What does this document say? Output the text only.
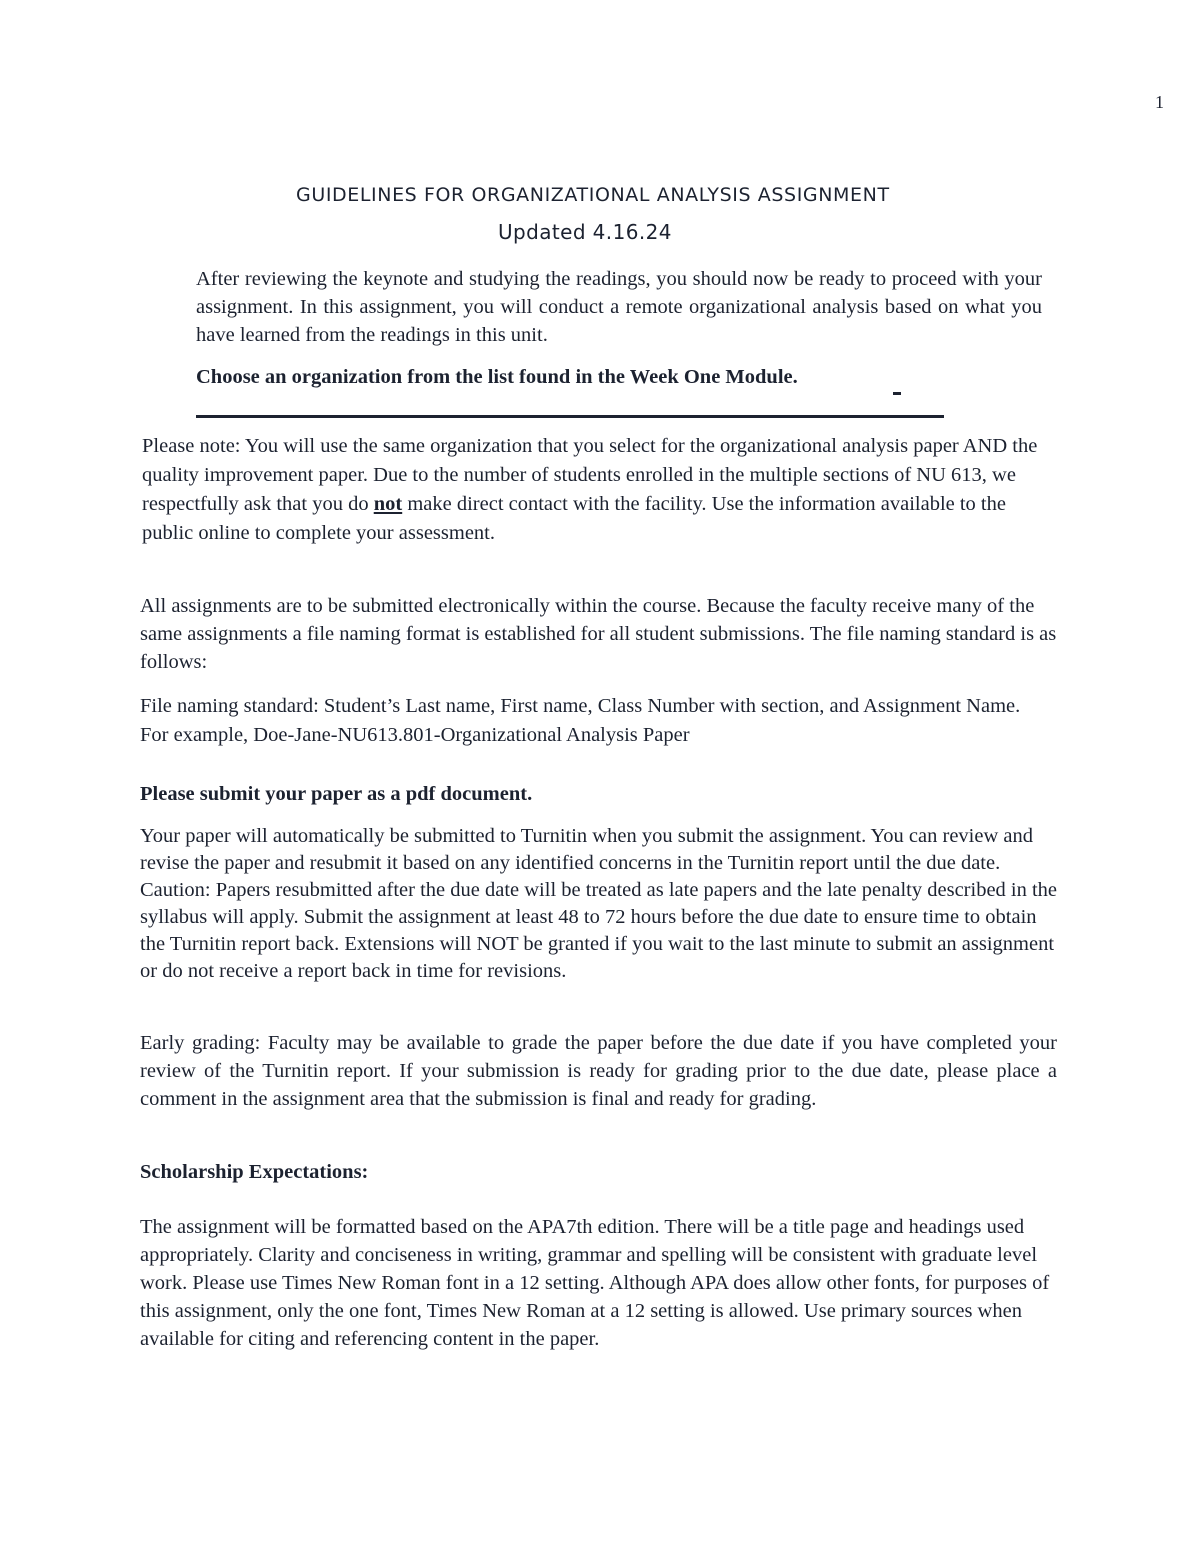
1
GUIDELINES FOR ORGANIZATIONAL ANALYSIS ASSIGNMENT
Updated 4.16.24
After reviewing the keynote and studying the readings, you should now be ready to proceed with your assignment. In this assignment, you will conduct a remote organizational analysis based on what you have learned from the readings in this unit.
Choose an organization from the list found in the Week One Module.
Please note: You will use the same organization that you select for the organizational analysis paper AND the quality improvement paper. Due to the number of students enrolled in the multiple sections of NU 613, we respectfully ask that you do not make direct contact with the facility. Use the information available to the public online to complete your assessment.
All assignments are to be submitted electronically within the course. Because the faculty receive many of the same assignments a file naming format is established for all student submissions. The file naming standard is as follows:
File naming standard: Student’s Last name, First name, Class Number with section, and Assignment Name. For example, Doe-Jane-NU613.801-Organizational Analysis Paper
Please submit your paper as a pdf document.
Your paper will automatically be submitted to Turnitin when you submit the assignment. You can review and revise the paper and resubmit it based on any identified concerns in the Turnitin report until the due date. Caution: Papers resubmitted after the due date will be treated as late papers and the late penalty described in the syllabus will apply. Submit the assignment at least 48 to 72 hours before the due date to ensure time to obtain the Turnitin report back. Extensions will NOT be granted if you wait to the last minute to submit an assignment or do not receive a report back in time for revisions.
Early grading: Faculty may be available to grade the paper before the due date if you have completed your review of the Turnitin report. If your submission is ready for grading prior to the due date, please place a comment in the assignment area that the submission is final and ready for grading.
Scholarship Expectations:
The assignment will be formatted based on the APA7th edition. There will be a title page and headings used appropriately. Clarity and conciseness in writing, grammar and spelling will be consistent with graduate level work. Please use Times New Roman font in a 12 setting. Although APA does allow other fonts, for purposes of this assignment, only the one font, Times New Roman at a 12 setting is allowed. Use primary sources when available for citing and referencing content in the paper.
